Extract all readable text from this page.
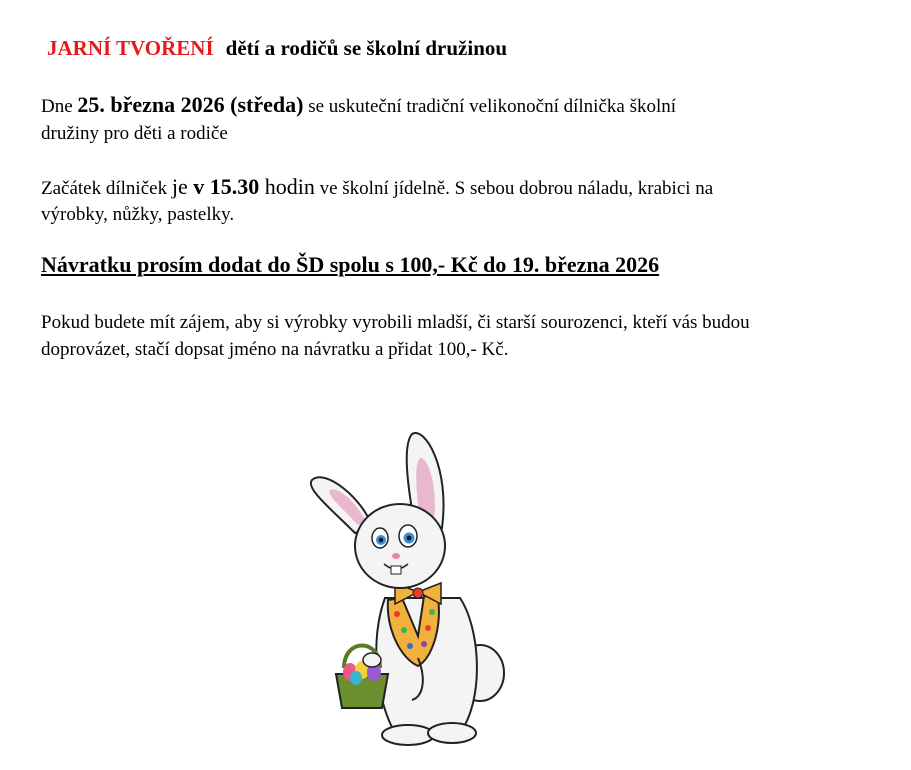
JARNÍ TVOŘENÍ dětí a rodičů se školní družinou
Dne 25. března 2026 (středa) se uskuteční tradiční velikonoční dílnička školní
družiny pro děti a rodiče
Začátek dílniček je v 15.30 hodin ve školní jídelně. S sebou dobrou náladu, krabici na
výrobky, nůžky, pastelky.
Návratku prosím dodat do ŠD spolu s 100,- Kč do 19. března 2026
Pokud budete mít zájem, aby si výrobky vyrobili mladší, či starší sourozenci, kteří vás budou
doprovázet, stačí dopsat jméno na návratku a přidat 100,- Kč.
